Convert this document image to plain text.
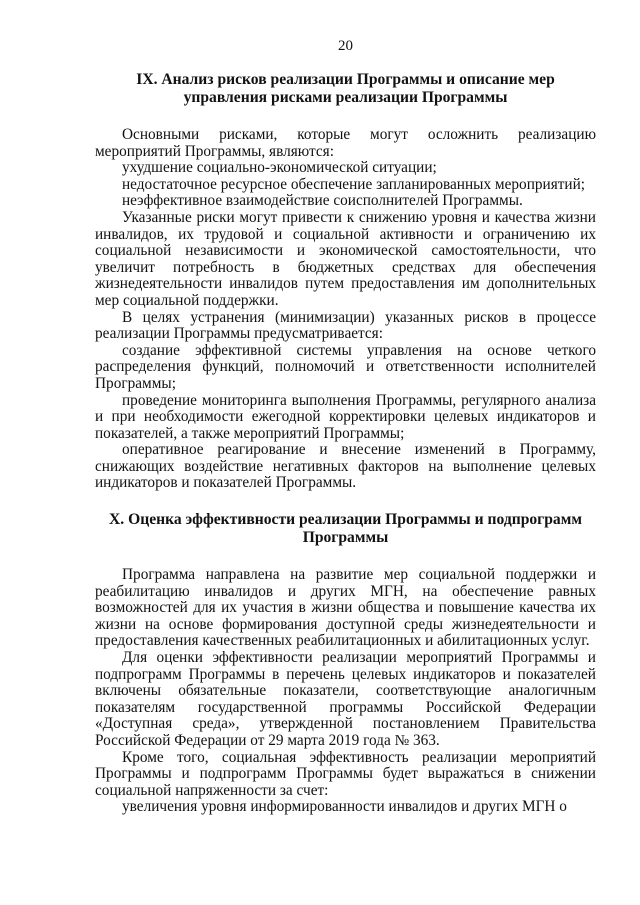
20
IX. Анализ рисков реализации Программы и описание мер
управления рисками реализации Программы

Основными рисками, которые могут осложнить реализацию мероприятий Программы, являются:

ухудшение социально-экономической ситуации;

недостаточное ресурсное обеспечение запланированных мероприятий;

неэффективное взаимодействие соисполнителей Программы.

Указанные риски могут привести к снижению уровня и качества жизни инвалидов, их трудовой и социальной активности и ограничению их социальной независимости и экономической самостоятельности, что увеличит потребность в бюджетных средствах для обеспечения жизнедеятельности инвалидов путем предоставления им дополнительных мер социальной поддержки.

В целях устранения (минимизации) указанных рисков в процессе реализации Программы предусматривается:

создание эффективной системы управления на основе четкого распределения функций, полномочий и ответственности исполнителей Программы;

проведение мониторинга выполнения Программы, регулярного анализа и при необходимости ежегодной корректировки целевых индикаторов и показателей, а также мероприятий Программы;

оперативное реагирование и внесение изменений в Программу, снижающих воздействие негативных факторов на выполнение целевых индикаторов и показателей Программы.

X. Оценка эффективности реализации Программы и подпрограмм
Программы

Программа направлена на развитие мер социальной поддержки и реабилитацию инвалидов и других МГН, на обеспечение равных возможностей для их участия в жизни общества и повышение качества их жизни на основе формирования доступной среды жизнедеятельности и предоставления качественных реабилитационных и абилитационных услуг.

Для оценки эффективности реализации мероприятий Программы и подпрограмм Программы в перечень целевых индикаторов и показателей включены обязательные показатели, соответствующие аналогичным показателям государственной программы Российской Федерации «Доступная среда», утвержденной постановлением Правительства Российской Федерации от 29 марта 2019 года № 363.

Кроме того, социальная эффективность реализации мероприятий Программы и подпрограмм Программы будет выражаться в снижении социальной напряженности за счет:

увеличения уровня информированности инвалидов и других МГН о
